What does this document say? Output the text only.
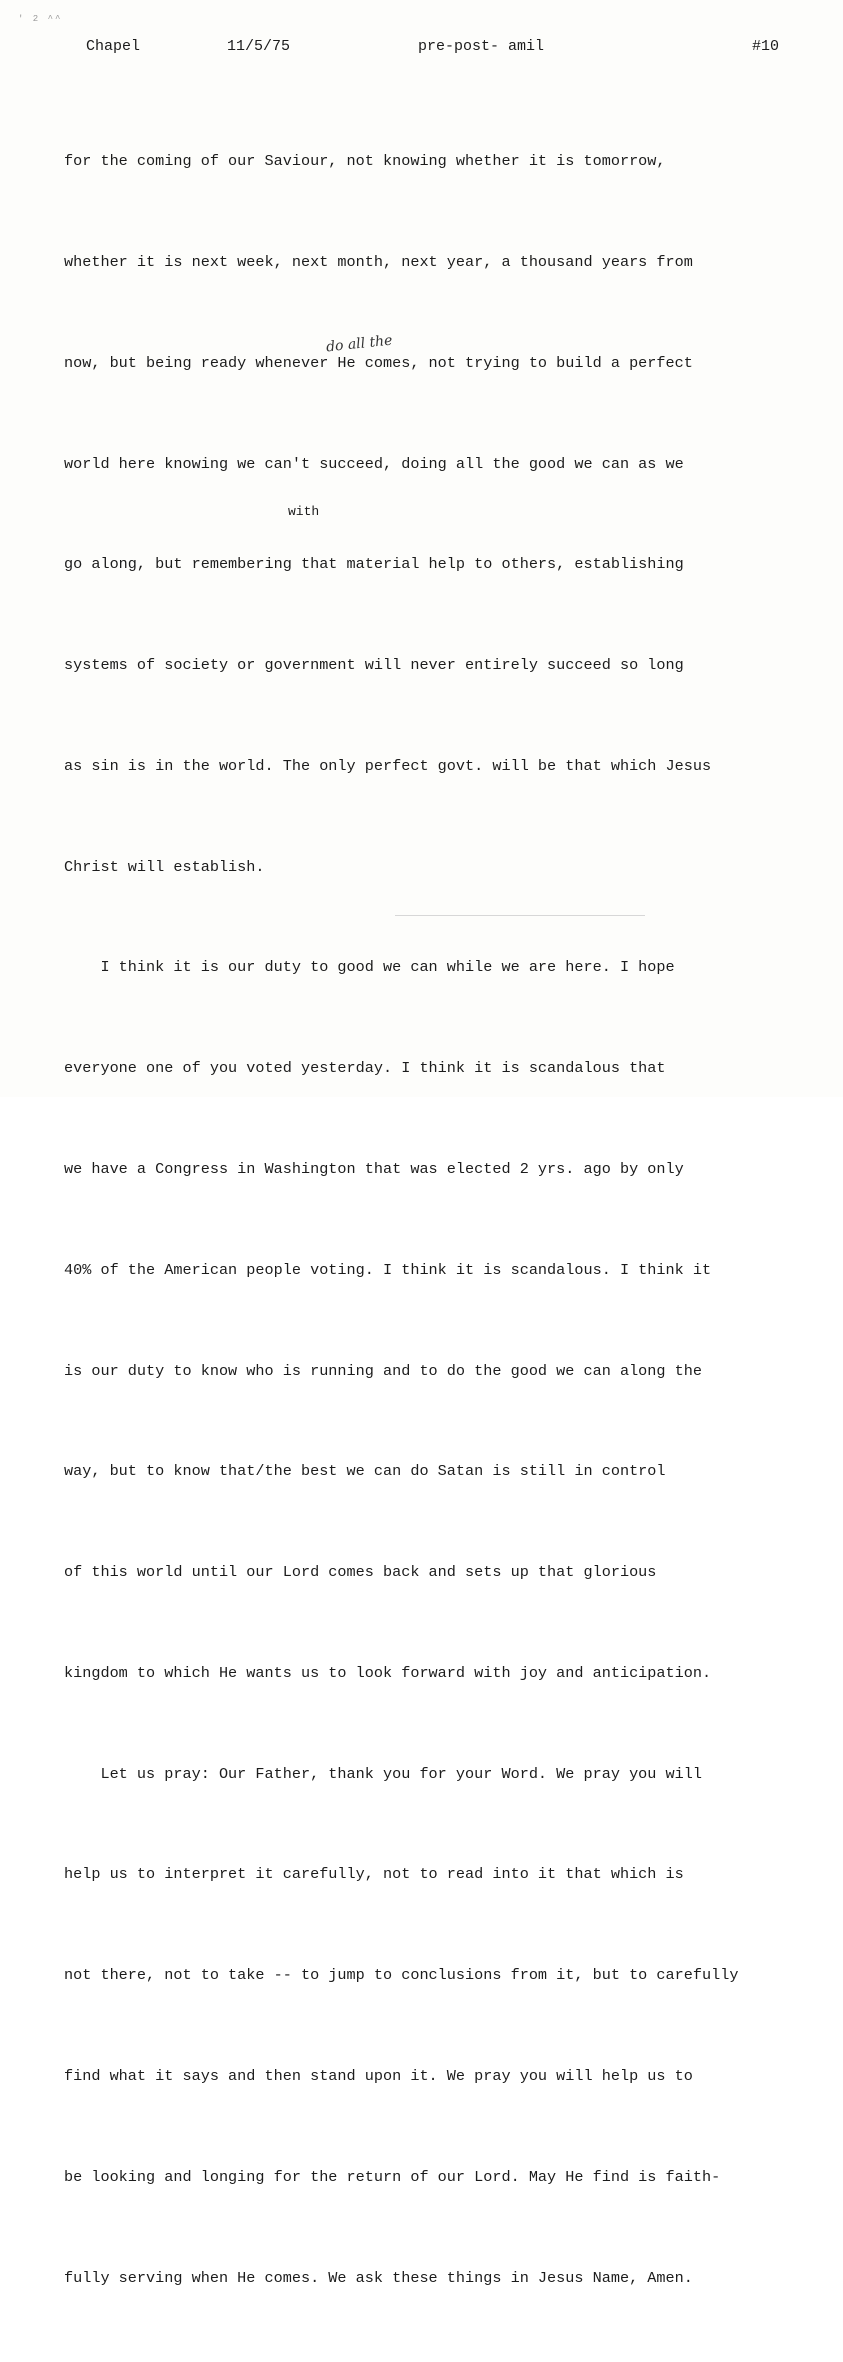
' 2 ^^
Chapel	11/5/75	pre-post- amil	#10

for the coming of our Saviour, not knowing whether it is tomorrow,

whether it is next week, next month, next year, a thousand years from

now, but being ready whenever He comes, not trying to build a perfect

world here knowing we can't succeed, doing all the good we can as we

go along, but remembering that material help to others, establishing

systems of society or government will never entirely succeed so long

as sin is in the world. The only perfect govt. will be that which Jesus

Christ will establish.

I think it is our duty to good we can while we are here. I hope

everyone one of you voted yesterday. I think it is scandalous that

we have a Congress in Washington that was elected 2 yrs. ago by only

40% of the American people voting. I think it is scandalous. I think it

is our duty to know who is running and to do the good we can along the

way, but to know that/the best we can do Satan is still in control

of this world until our Lord comes back and sets up that glorious

kingdom to which He wants us to look forward with joy and anticipation.

Let us pray: Our Father, thank you for your Word. We pray you will

help us to interpret it carefully, not to read into it that which is

not there, not to take -- to jump to conclusions from it, but to carefully

find what it says and then stand upon it. We pray you will help us to

be looking and longing for the return of our Lord. May He find is faith-

fully serving when He comes. We ask these things in Jesus Name, Amen.

do all the
with
